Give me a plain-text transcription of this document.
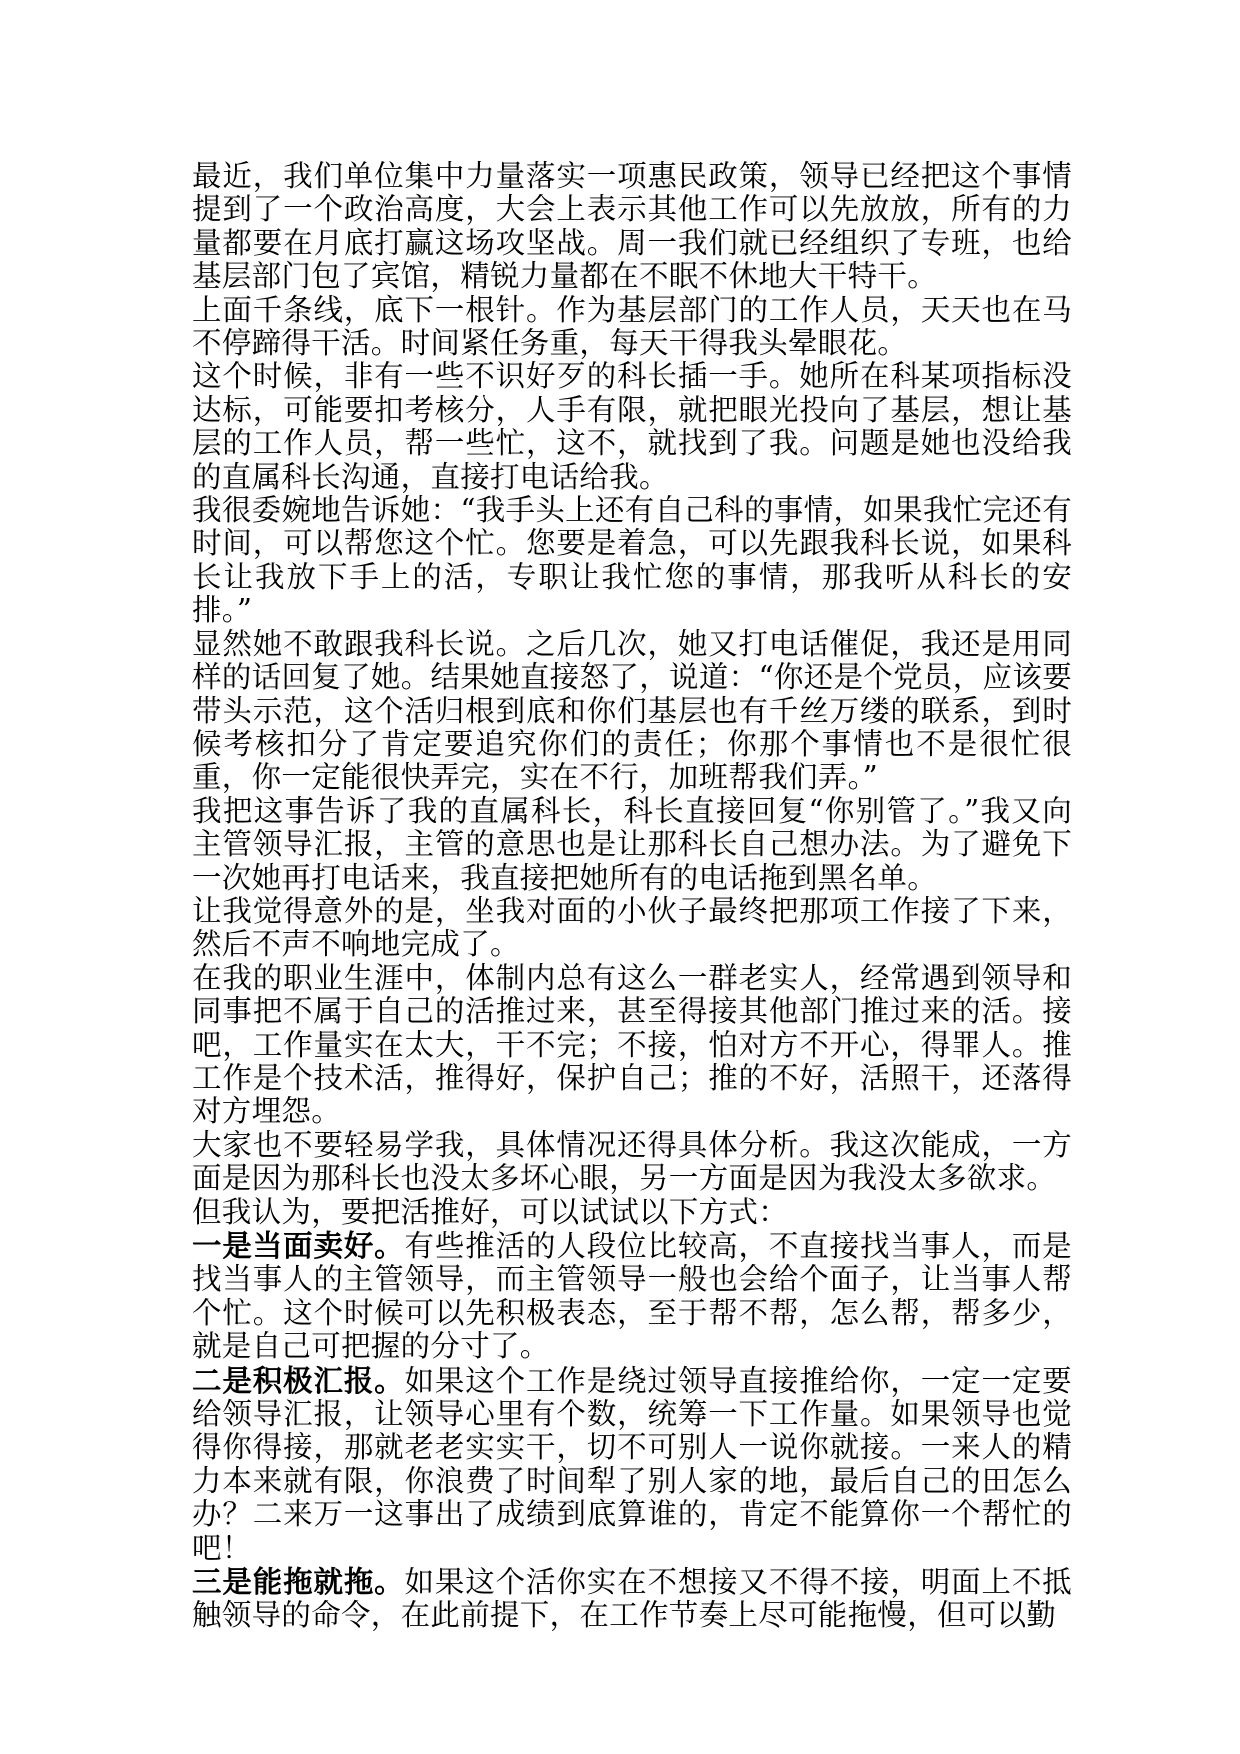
最近，我们单位集中力量落实一项惠民政策，领导已经把这个事情提到了一个政治高度，大会上表示其他工作可以先放放，所有的力量都要在月底打赢这场攻坚战。周一我们就已经组织了专班，也给基层部门包了宾馆，精锐力量都在不眠不休地大干特干。

上面千条线，底下一根针。作为基层部门的工作人员，天天也在马不停蹄得干活。时间紧任务重，每天干得我头晕眼花。

这个时候，非有一些不识好歹的科长插一手。她所在科某项指标没达标，可能要扣考核分，人手有限，就把眼光投向了基层，想让基层的工作人员，帮一些忙，这不，就找到了我。问题是她也没给我的直属科长沟通，直接打电话给我。

我很委婉地告诉她：“我手头上还有自己科的事情，如果我忙完还有时间，可以帮您这个忙。您要是着急，可以先跟我科长说，如果科长让我放下手上的活，专职让我忙您的事情，那我听从科长的安排。”

显然她不敢跟我科长说。之后几次，她又打电话催促，我还是用同样的话回复了她。结果她直接怒了，说道：“你还是个党员，应该要带头示范，这个活归根到底和你们基层也有千丝万缕的联系，到时候考核扣分了肯定要追究你们的责任；你那个事情也不是很忙很重，你一定能很快弄完，实在不行，加班帮我们弄。”

我把这事告诉了我的直属科长，科长直接回复“你别管了。”我又向主管领导汇报，主管的意思也是让那科长自己想办法。为了避免下一次她再打电话来，我直接把她所有的电话拖到黑名单。

让我觉得意外的是，坐我对面的小伙子最终把那项工作接了下来，然后不声不响地完成了。

在我的职业生涯中，体制内总有这么一群老实人，经常遇到领导和同事把不属于自己的活推过来，甚至得接其他部门推过来的活。接吧，工作量实在太大，干不完；不接，怕对方不开心，得罪人。推工作是个技术活，推得好，保护自己；推的不好，活照干，还落得对方埋怨。

大家也不要轻易学我，具体情况还得具体分析。我这次能成，一方面是因为那科长也没太多坏心眼，另一方面是因为我没太多欲求。

但我认为，要把活推好，可以试试以下方式：

一是当面卖好。有些推活的人段位比较高，不直接找当事人，而是找当事人的主管领导，而主管领导一般也会给个面子，让当事人帮个忙。这个时候可以先积极表态，至于帮不帮，怎么帮，帮多少，就是自己可把握的分寸了。

二是积极汇报。如果这个工作是绕过领导直接推给你，一定一定要给领导汇报，让领导心里有个数，统筹一下工作量。如果领导也觉得你得接，那就老老实实干，切不可别人一说你就接。一来人的精力本来就有限，你浪费了时间犁了别人家的地，最后自己的田怎么办？二来万一这事出了成绩到底算谁的，肯定不能算你一个帮忙的吧！

三是能拖就拖。如果这个活你实在不想接又不得不接，明面上不抵触领导的命令，在此前提下，在工作节奏上尽可能拖慢，但可以勤
